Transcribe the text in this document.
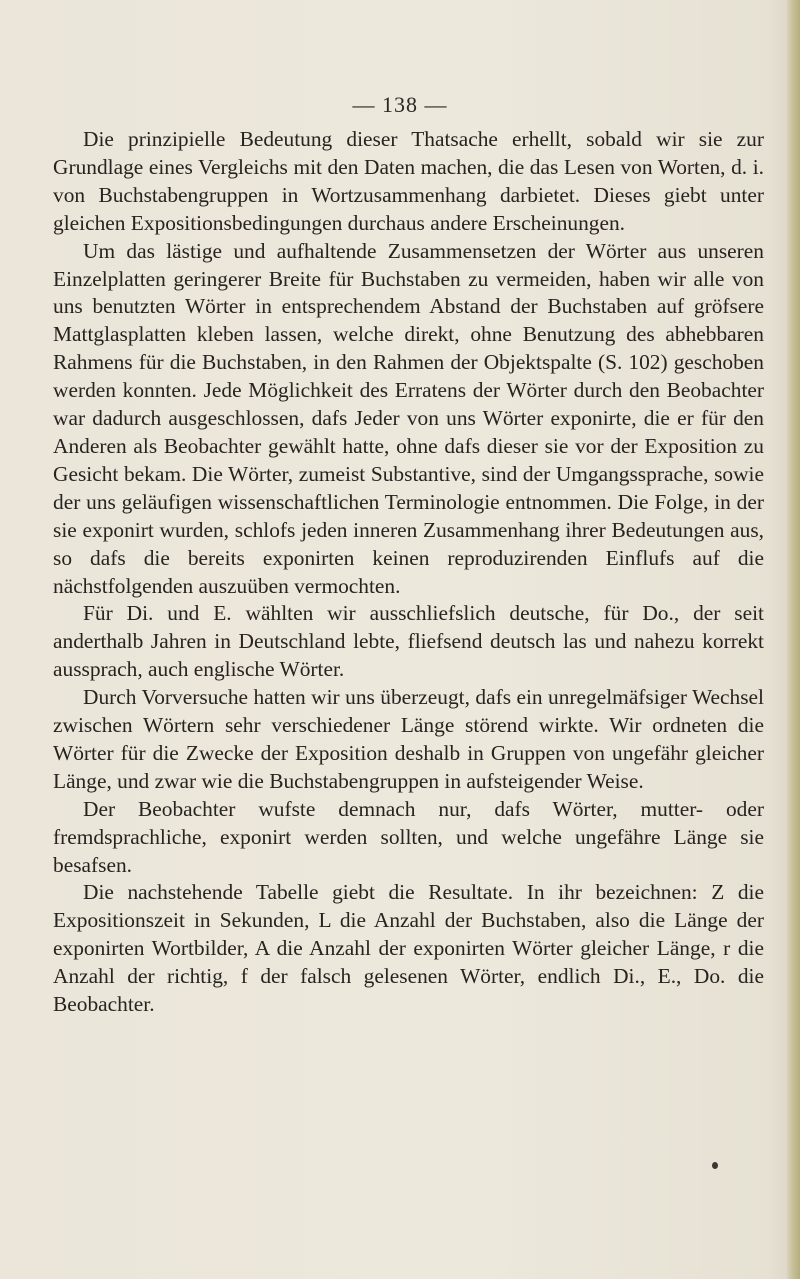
— 138 —

Die prinzipielle Bedeutung dieser Thatsache erhellt, sobald wir sie zur Grundlage eines Vergleichs mit den Daten machen, die das Lesen von Worten, d. i. von Buchstabengruppen in Wortzusammenhang darbietet. Dieses giebt unter gleichen Expositionsbedingungen durchaus andere Erscheinungen.

Um das lästige und aufhaltende Zusammensetzen der Wörter aus unseren Einzelplatten geringerer Breite für Buchstaben zu vermeiden, haben wir alle von uns benutzten Wörter in entsprechendem Abstand der Buchstaben auf gröfsere Mattglasplatten kleben lassen, welche direkt, ohne Benutzung des abhebbaren Rahmens für die Buchstaben, in den Rahmen der Objektspalte (S. 102) geschoben werden konnten. Jede Möglichkeit des Erratens der Wörter durch den Beobachter war dadurch ausgeschlossen, dafs Jeder von uns Wörter exponirte, die er für den Anderen als Beobachter gewählt hatte, ohne dafs dieser sie vor der Exposition zu Gesicht bekam. Die Wörter, zumeist Substantive, sind der Umgangssprache, sowie der uns geläufigen wissenschaftlichen Terminologie entnommen. Die Folge, in der sie exponirt wurden, schlofs jeden inneren Zusammenhang ihrer Bedeutungen aus, so dafs die bereits exponirten keinen reproduzirenden Einflufs auf die nächstfolgenden auszuüben vermochten.

Für Di. und E. wählten wir ausschliefslich deutsche, für Do., der seit anderthalb Jahren in Deutschland lebte, fliefsend deutsch las und nahezu korrekt aussprach, auch englische Wörter.

Durch Vorversuche hatten wir uns überzeugt, dafs ein unregelmäfsiger Wechsel zwischen Wörtern sehr verschiedener Länge störend wirkte. Wir ordneten die Wörter für die Zwecke der Exposition deshalb in Gruppen von ungefähr gleicher Länge, und zwar wie die Buchstabengruppen in aufsteigender Weise.

Der Beobachter wufste demnach nur, dafs Wörter, mutter- oder fremdsprachliche, exponirt werden sollten, und welche ungefähre Länge sie besafsen.

Die nachstehende Tabelle giebt die Resultate. In ihr bezeichnen: Z die Expositionszeit in Sekunden, L die Anzahl der Buchstaben, also die Länge der exponirten Wortbilder, A die Anzahl der exponirten Wörter gleicher Länge, r die Anzahl der richtig, f der falsch gelesenen Wörter, endlich Di., E., Do. die Beobachter.
